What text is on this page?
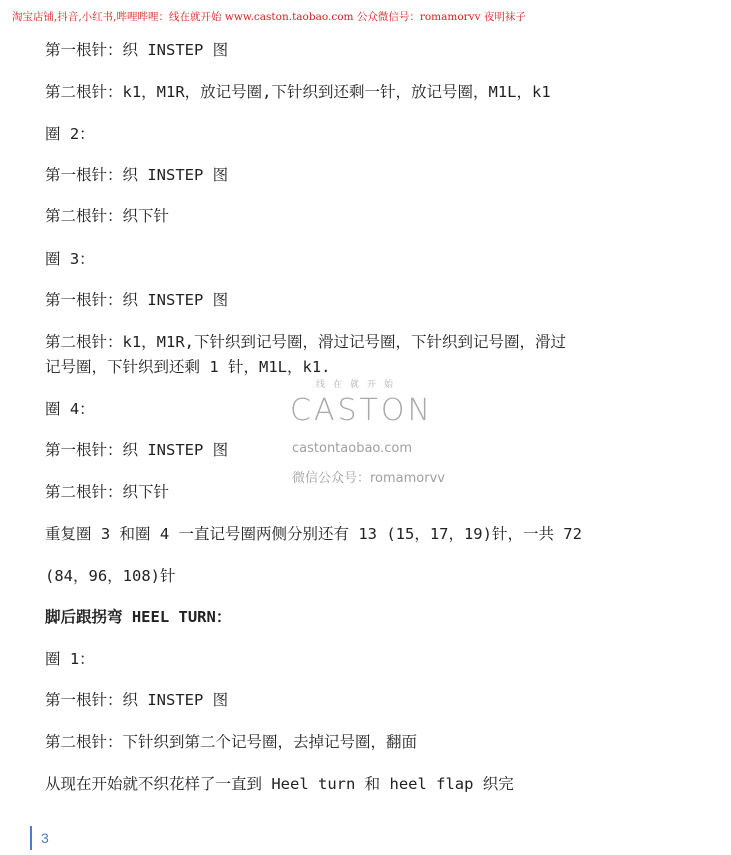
淘宝店铺,抖音,小红书,哔哩哔哩：线在就开始 www.caston.taobao.com 公众微信号：romamorvv 夜明袜子
第一根针：织 INSTEP 图
第二根针：k1，M1R，放记号圈,下针织到还剩一针，放记号圈，M1L，k1
圈 2：
第一根针：织 INSTEP 图
第二根针：织下针
圈 3：
第一根针：织 INSTEP 图
第二根针：k1，M1R,下针织到记号圈，滑过记号圈，下针织到记号圈，滑过
记号圈，下针织到还剩 1 针，M1L，k1.
圈 4：
第一根针：织 INSTEP 图
第二根针：织下针
重复圈 3 和圈 4 一直记号圈两侧分别还有 13 (15，17，19)针，一共 72
(84，96，108)针
脚后跟拐弯 HEEL TURN：
圈 1：
第一根针：织 INSTEP 图
第二根针：下针织到第二个记号圈，去掉记号圈，翻面
从现在开始就不织花样了一直到 Heel turn 和 heel flap 织完
线在就开始
CASTON
castontaobao.com
微信公众号：romamorvv
3
